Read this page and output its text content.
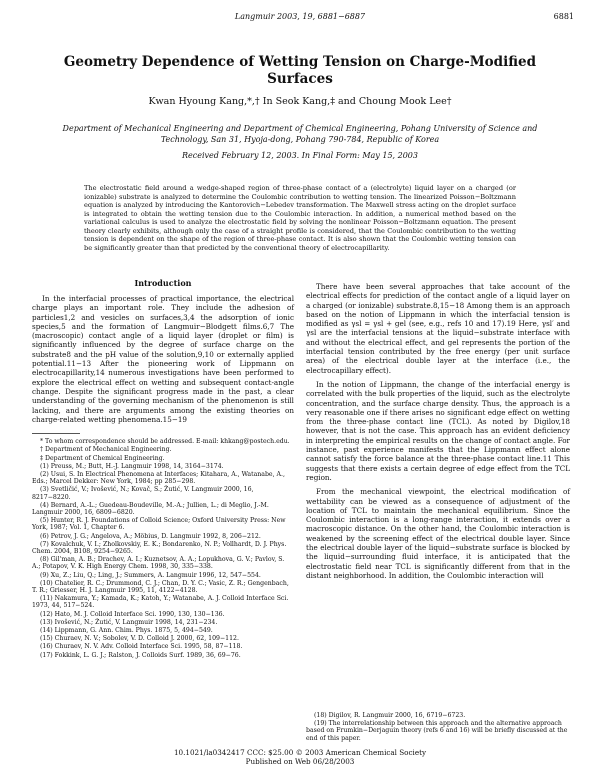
Langmuir 2003, 19, 6881−6887	6881
Geometry Dependence of Wetting Tension on Charge-Modified Surfaces
Kwan Hyoung Kang,*,† In Seok Kang,‡ and Choung Mook Lee†
Department of Mechanical Engineering and Department of Chemical Engineering, Pohang University of Science and Technology, San 31, Hyoja-dong, Pohang 790-784, Republic of Korea
Received February 12, 2003. In Final Form: May 15, 2003
The electrostatic field around a wedge-shaped region of three-phase contact of a (electrolyte) liquid layer on a charged (or ionizable) substrate is analyzed to determine the Coulombic contribution to wetting tension. The linearized Poisson−Boltzmann equation is analyzed by introducing the Kantorovich−Lebedev transformation. The Maxwell stress acting on the droplet surface is integrated to obtain the wetting tension due to the Coulombic interaction. In addition, a numerical method based on the variational calculus is used to analyze the electrostatic field by solving the nonlinear Poisson−Boltzmann equation. The present theory clearly exhibits, although only the case of a straight profile is considered, that the Coulombic contribution to the wetting tension is dependent on the shape of the region of three-phase contact. It is also shown that the Coulombic wetting tension can be significantly greater than that predicted by the conventional theory of electrocapillarity.
Introduction

In the interfacial processes of practical importance, the electrical charge plays an important role. They include the adhesion of particles1,2 and vesicles on surfaces,3,4 the adsorption of ionic species,5 and the formation of Langmuir−Blodgett films.6,7 The (macroscopic) contact angle of a liquid layer (droplet or film) is significantly influenced by the degree of surface charge on the substrate8 and the pH value of the solution,9,10 or externally applied potential.11−13 After the pioneering work of Lippmann on electrocapillarity,14 numerous investigations have been performed to explore the electrical effect on wetting and subsequent contact-angle change. Despite the significant progress made in the past, a clear understanding of the governing mechanism of the phenomenon is still lacking, and there are arguments among the existing theories on charge-related wetting phenomena.15−19

* To whom correspondence should be addressed. E-mail: khkang@postech.edu.

† Department of Mechanical Engineering.

‡ Department of Chemical Engineering.

(1) Preuss, M.; Butt, H.-J. Langmuir 1998, 14, 3164−3174.

(2) Usui, S. In Electrical Phenomena at Interfaces; Kitahara, A., Watanabe, A., Eds.; Marcel Dekker: New York, 1984; pp 285−298.

(3) Svetličić, V.; Ivošević, N.; Kovač, S.; Žutić, V. Langmuir 2000, 16, 8217−8220.

(4) Bernard, A.-L.; Guedeau-Boudeville, M.-A.; Jullien, L.; di Meglio, J.-M. Langmuir 2000, 16, 6809−6820.

(5) Hunter, R. J. Foundations of Colloid Science; Oxford University Press: New York, 1987; Vol. 1, Chapter 6.

(6) Petrov, J. G.; Angelova, A.; Möbius, D. Langmuir 1992, 8, 206−212.

(7) Kovalchuk, V. I.; Zholkovskiy, E. K.; Bondarenko, N. P.; Vollhardt, D. J. Phys. Chem. 2004, B108, 9254−9265.

(8) Gil'man, A. B.; Drachev, A. I.; Kuznetsov, A. A.; Lopukhova, G. V.; Pavlov, S. A.; Potapov, V. K. High Energy Chem. 1998, 30, 335−338.

(9) Xu, Z.; Liu, Q.; Ling, J.; Summers, A. Langmuir 1996, 12, 547−554.

(10) Chatelier, R. C.; Drummond, C. J.; Chan, D. Y. C.; Vasic, Z. R.; Gengenbach, T. R.; Griesser, H. J. Langmuir 1995, 11, 4122−4128.

(11) Nakamura, Y.; Kamada, K.; Katoh, Y.; Watanabe, A. J. Colloid Interface Sci. 1973, 44, 517−524.

(12) Hato, M. J. Colloid Interface Sci. 1990, 130, 130−136.

(13) Ivošević, N.; Žutić, V. Langmuir 1998, 14, 231−234.

(14) Lippmann, G. Ann. Chim. Phys. 1875, 5, 494−549.

(15) Churaev, N. V.; Sobolev, V. D. Colloid J. 2000, 62, 109−112.

(16) Churaev, N. V. Adv. Colloid Interface Sci. 1995, 58, 87−118.

(17) Fokkink, L. G. J.; Ralston, J. Colloids Surf. 1989, 36, 69−76.

There have been several approaches that take account of the electrical effects for prediction of the contact angle of a liquid layer on a charged (or ionizable) substrate.8,15−18 Among them is an approach based on the notion of Lippmann in which the interfacial tension is modified as γsl = γsl + gel (see, e.g., refs 10 and 17).19 Here, γsl′ and γsl are the interfacial tensions at the liquid−substrate interface with and without the electrical effect, and gel represents the portion of the interfacial tension contributed by the free energy (per unit surface area) of the electrical double layer at the interface (i.e., the electrocapillary effect).

In the notion of Lippmann, the change of the interfacial energy is correlated with the bulk properties of the liquid, such as the electrolyte concentration, and the surface charge density. Thus, the approach is a very reasonable one if there arises no significant edge effect on wetting from the three-phase contact line (TCL). As noted by Digilov,18 however, that is not the case. This approach has an evident deficiency in interpreting the empirical results on the change of contact angle. For instance, past experience manifests that the Lippmann effect alone cannot satisfy the force balance at the three-phase contact line.11 This suggests that there exists a certain degree of edge effect from the TCL region.

From the mechanical viewpoint, the electrical modification of wettability can be viewed as a consequence of adjustment of the location of TCL to maintain the mechanical equilibrium. Since the Coulombic interaction is a long-range interaction, it extends over a macroscopic distance. On the other hand, the Coulombic interaction is weakened by the screening effect of the electrical double layer. Since the electrical double layer of the liquid−substrate surface is blocked by the liquid−surrounding fluid interface, it is anticipated that the electrostatic field near TCL is significantly different from that in the distant neighborhood. In addition, the Coulombic interaction will

(18) Digilov, R. Langmuir 2000, 16, 6719−6723.

(19) The interrelationship between this approach and the alternative approach based on Frumkin−Derjaguin theory (refs 6 and 16) will be briefly discussed at the end of this paper.

10.1021/la0342417 CCC: $25.00 © 2003 American Chemical Society
Published on Web 06/28/2003
